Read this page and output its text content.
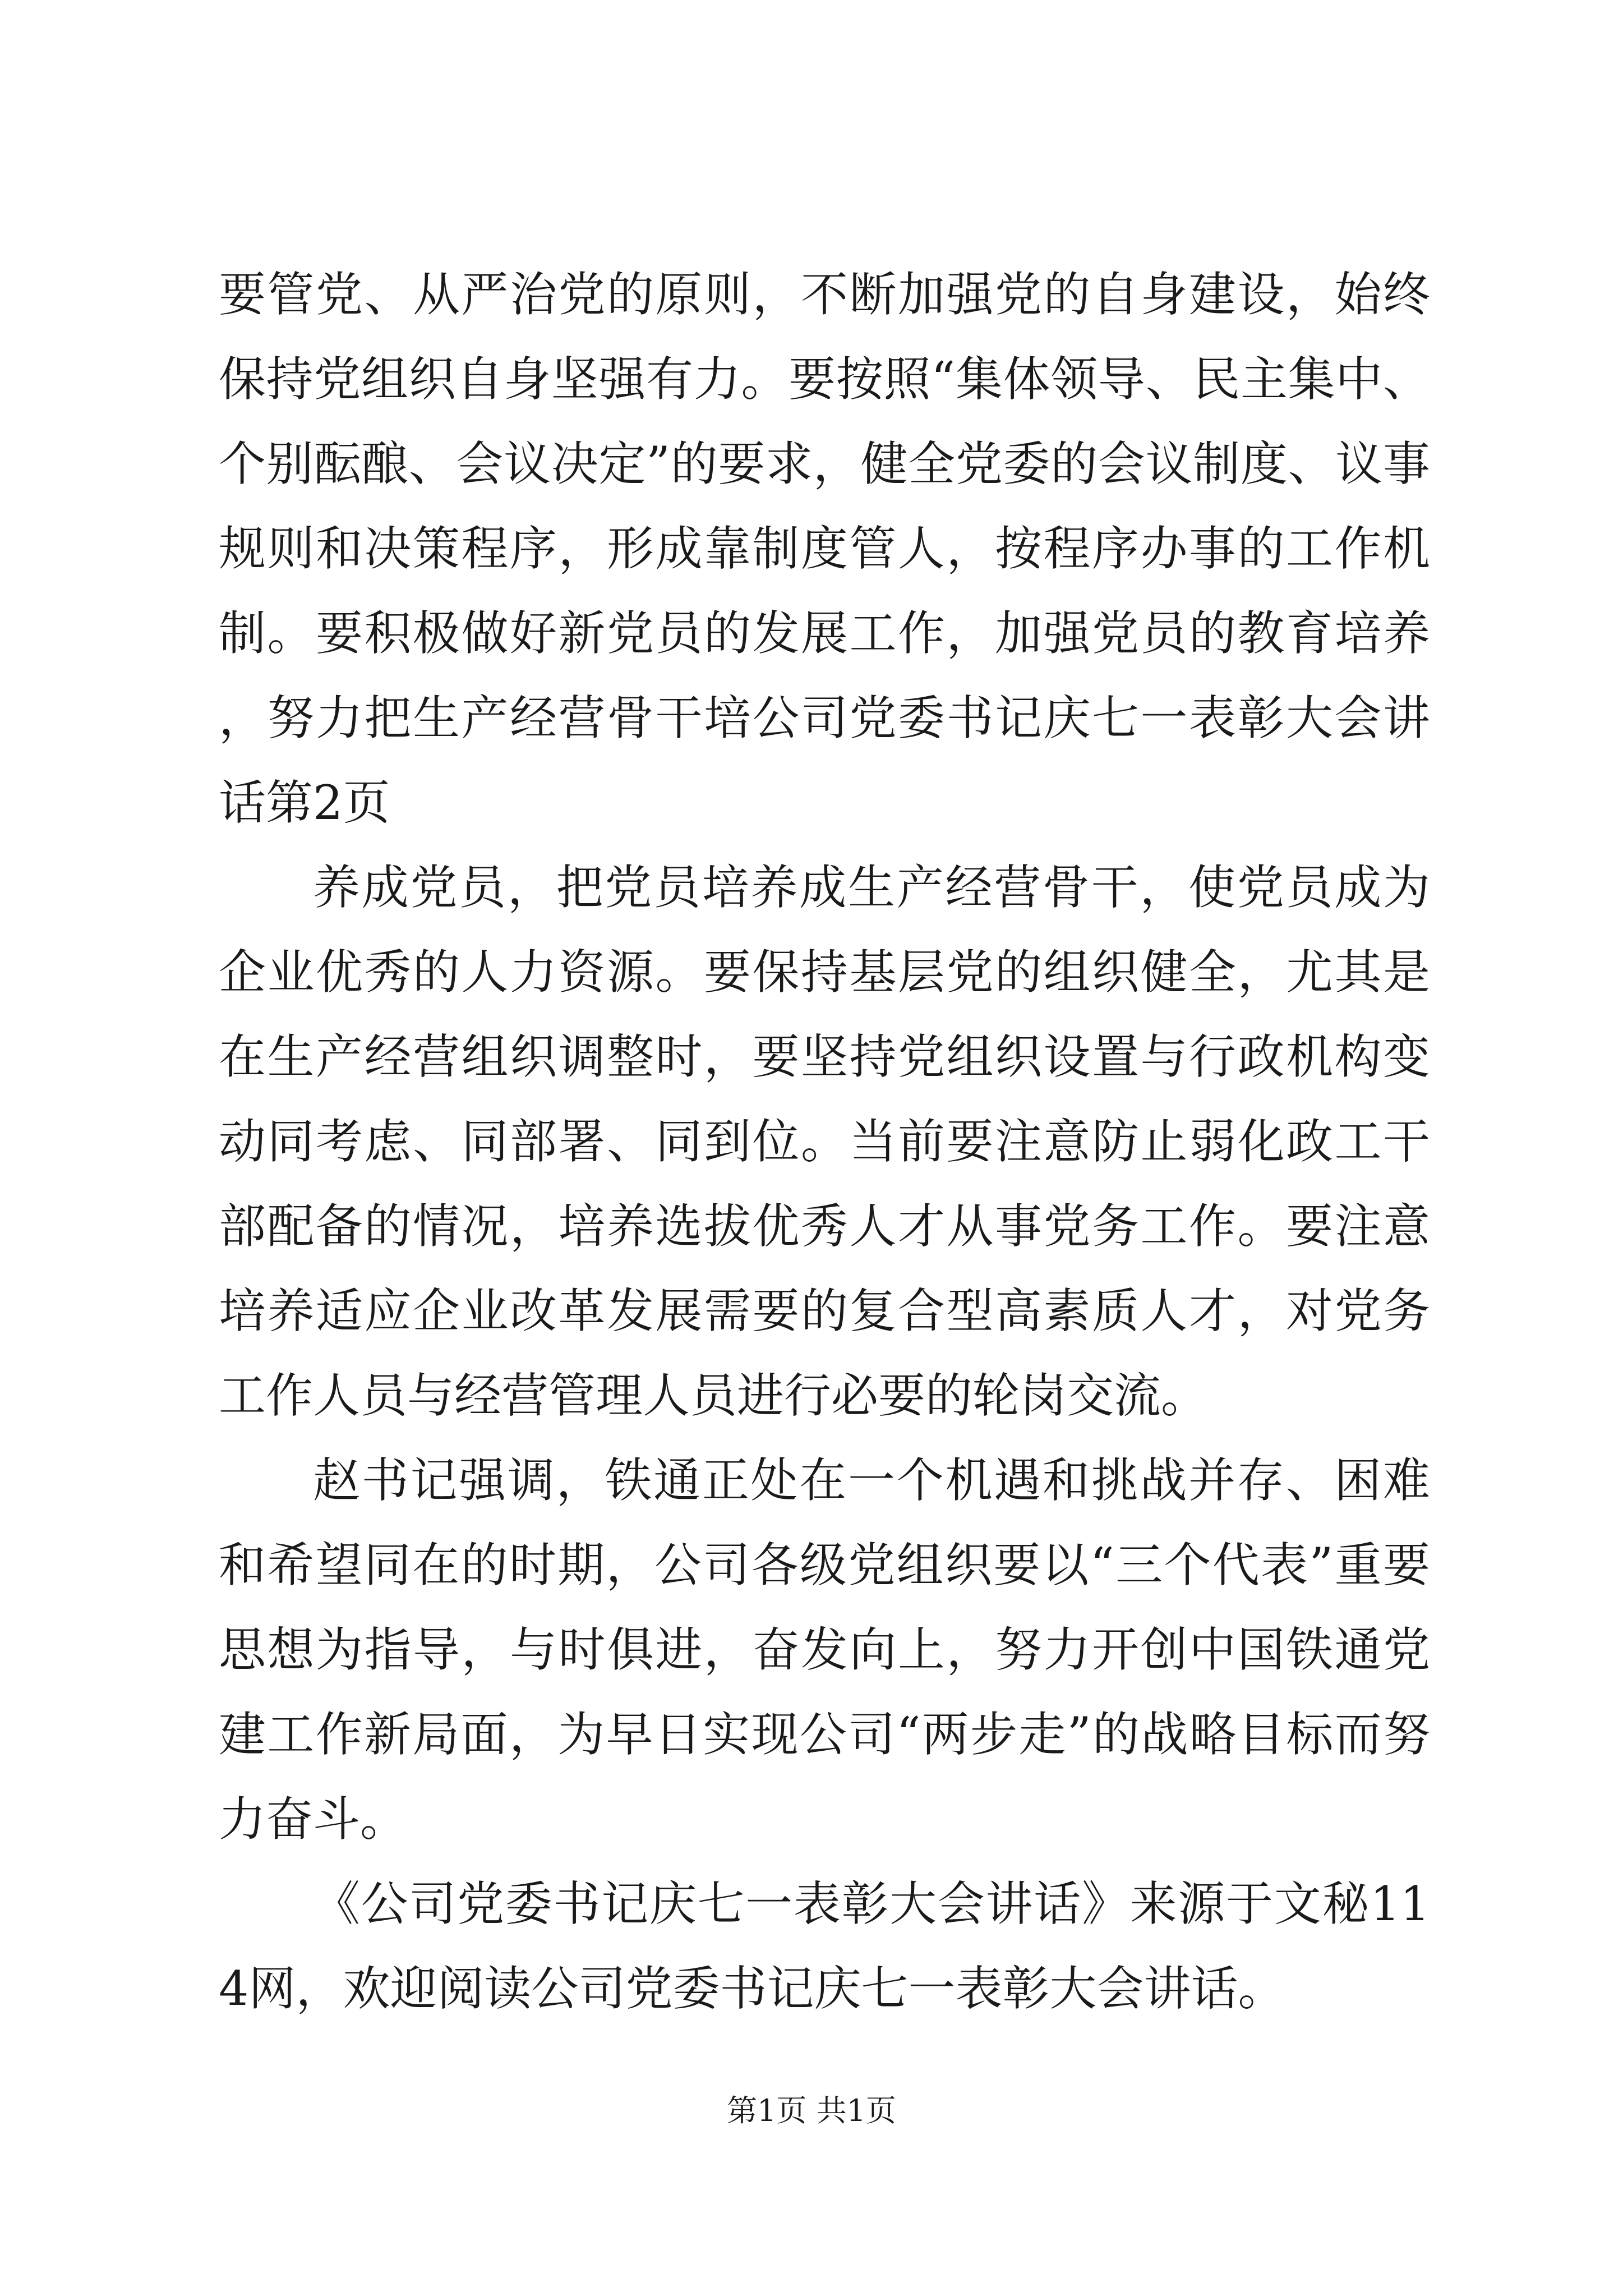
要管党、从严治党的原则，不断加强党的自身建设，始终保持党组织自身坚强有力。要按照“集体领导、民主集中、个别酝酿、会议决定”的要求，健全党委的会议制度、议事规则和决策程序，形成靠制度管人，按程序办事的工作机制。要积极做好新党员的发展工作，加强党员的教育培养，努力把生产经营骨干培公司党委书记庆七一表彰大会讲话第2页

养成党员，把党员培养成生产经营骨干，使党员成为企业优秀的人力资源。要保持基层党的组织健全，尤其是在生产经营组织调整时，要坚持党组织设置与行政机构变动同考虑、同部署、同到位。当前要注意防止弱化政工干部配备的情况，培养选拔优秀人才从事党务工作。要注意培养适应企业改革发展需要的复合型高素质人才，对党务工作人员与经营管理人员进行必要的轮岗交流。

赵书记强调，铁通正处在一个机遇和挑战并存、困难和希望同在的时期，公司各级党组织要以“三个代表”重要思想为指导，与时俱进，奋发向上，努力开创中国铁通党建工作新局面，为早日实现公司“两步走”的战略目标而努力奋斗。

《公司党委书记庆七一表彰大会讲话》来源于文秘114网，欢迎阅读公司党委书记庆七一表彰大会讲话。

第1页 共1页
